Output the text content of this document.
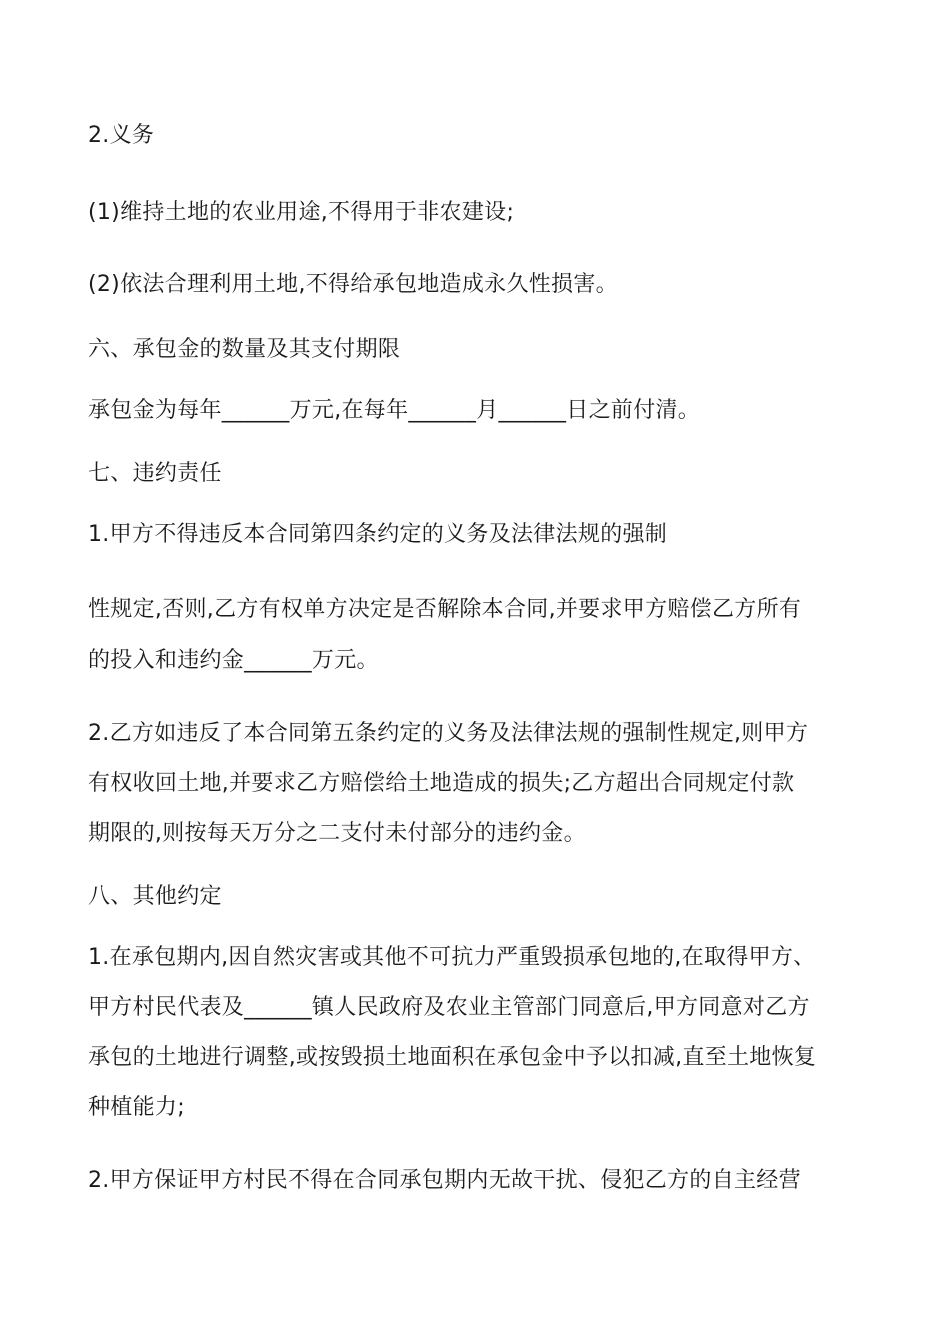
2.义务

(1)维持土地的农业用途,不得用于非农建设;

(2)依法合理利用土地,不得给承包地造成永久性损害。

六、承包金的数量及其支付期限

承包金为每年______万元,在每年______月______日之前付清。

七、违约责任

1.甲方不得违反本合同第四条约定的义务及法律法规的强制

性规定,否则,乙方有权单方决定是否解除本合同,并要求甲方赔偿乙方所有

的投入和违约金______万元。

2.乙方如违反了本合同第五条约定的义务及法律法规的强制性规定,则甲方

有权收回土地,并要求乙方赔偿给土地造成的损失;乙方超出合同规定付款

期限的,则按每天万分之二支付未付部分的违约金。

八、其他约定

1.在承包期内,因自然灾害或其他不可抗力严重毁损承包地的,在取得甲方、

甲方村民代表及______镇人民政府及农业主管部门同意后,甲方同意对乙方

承包的土地进行调整,或按毁损土地面积在承包金中予以扣减,直至土地恢复

种植能力;

2.甲方保证甲方村民不得在合同承包期内无故干扰、侵犯乙方的自主经营
